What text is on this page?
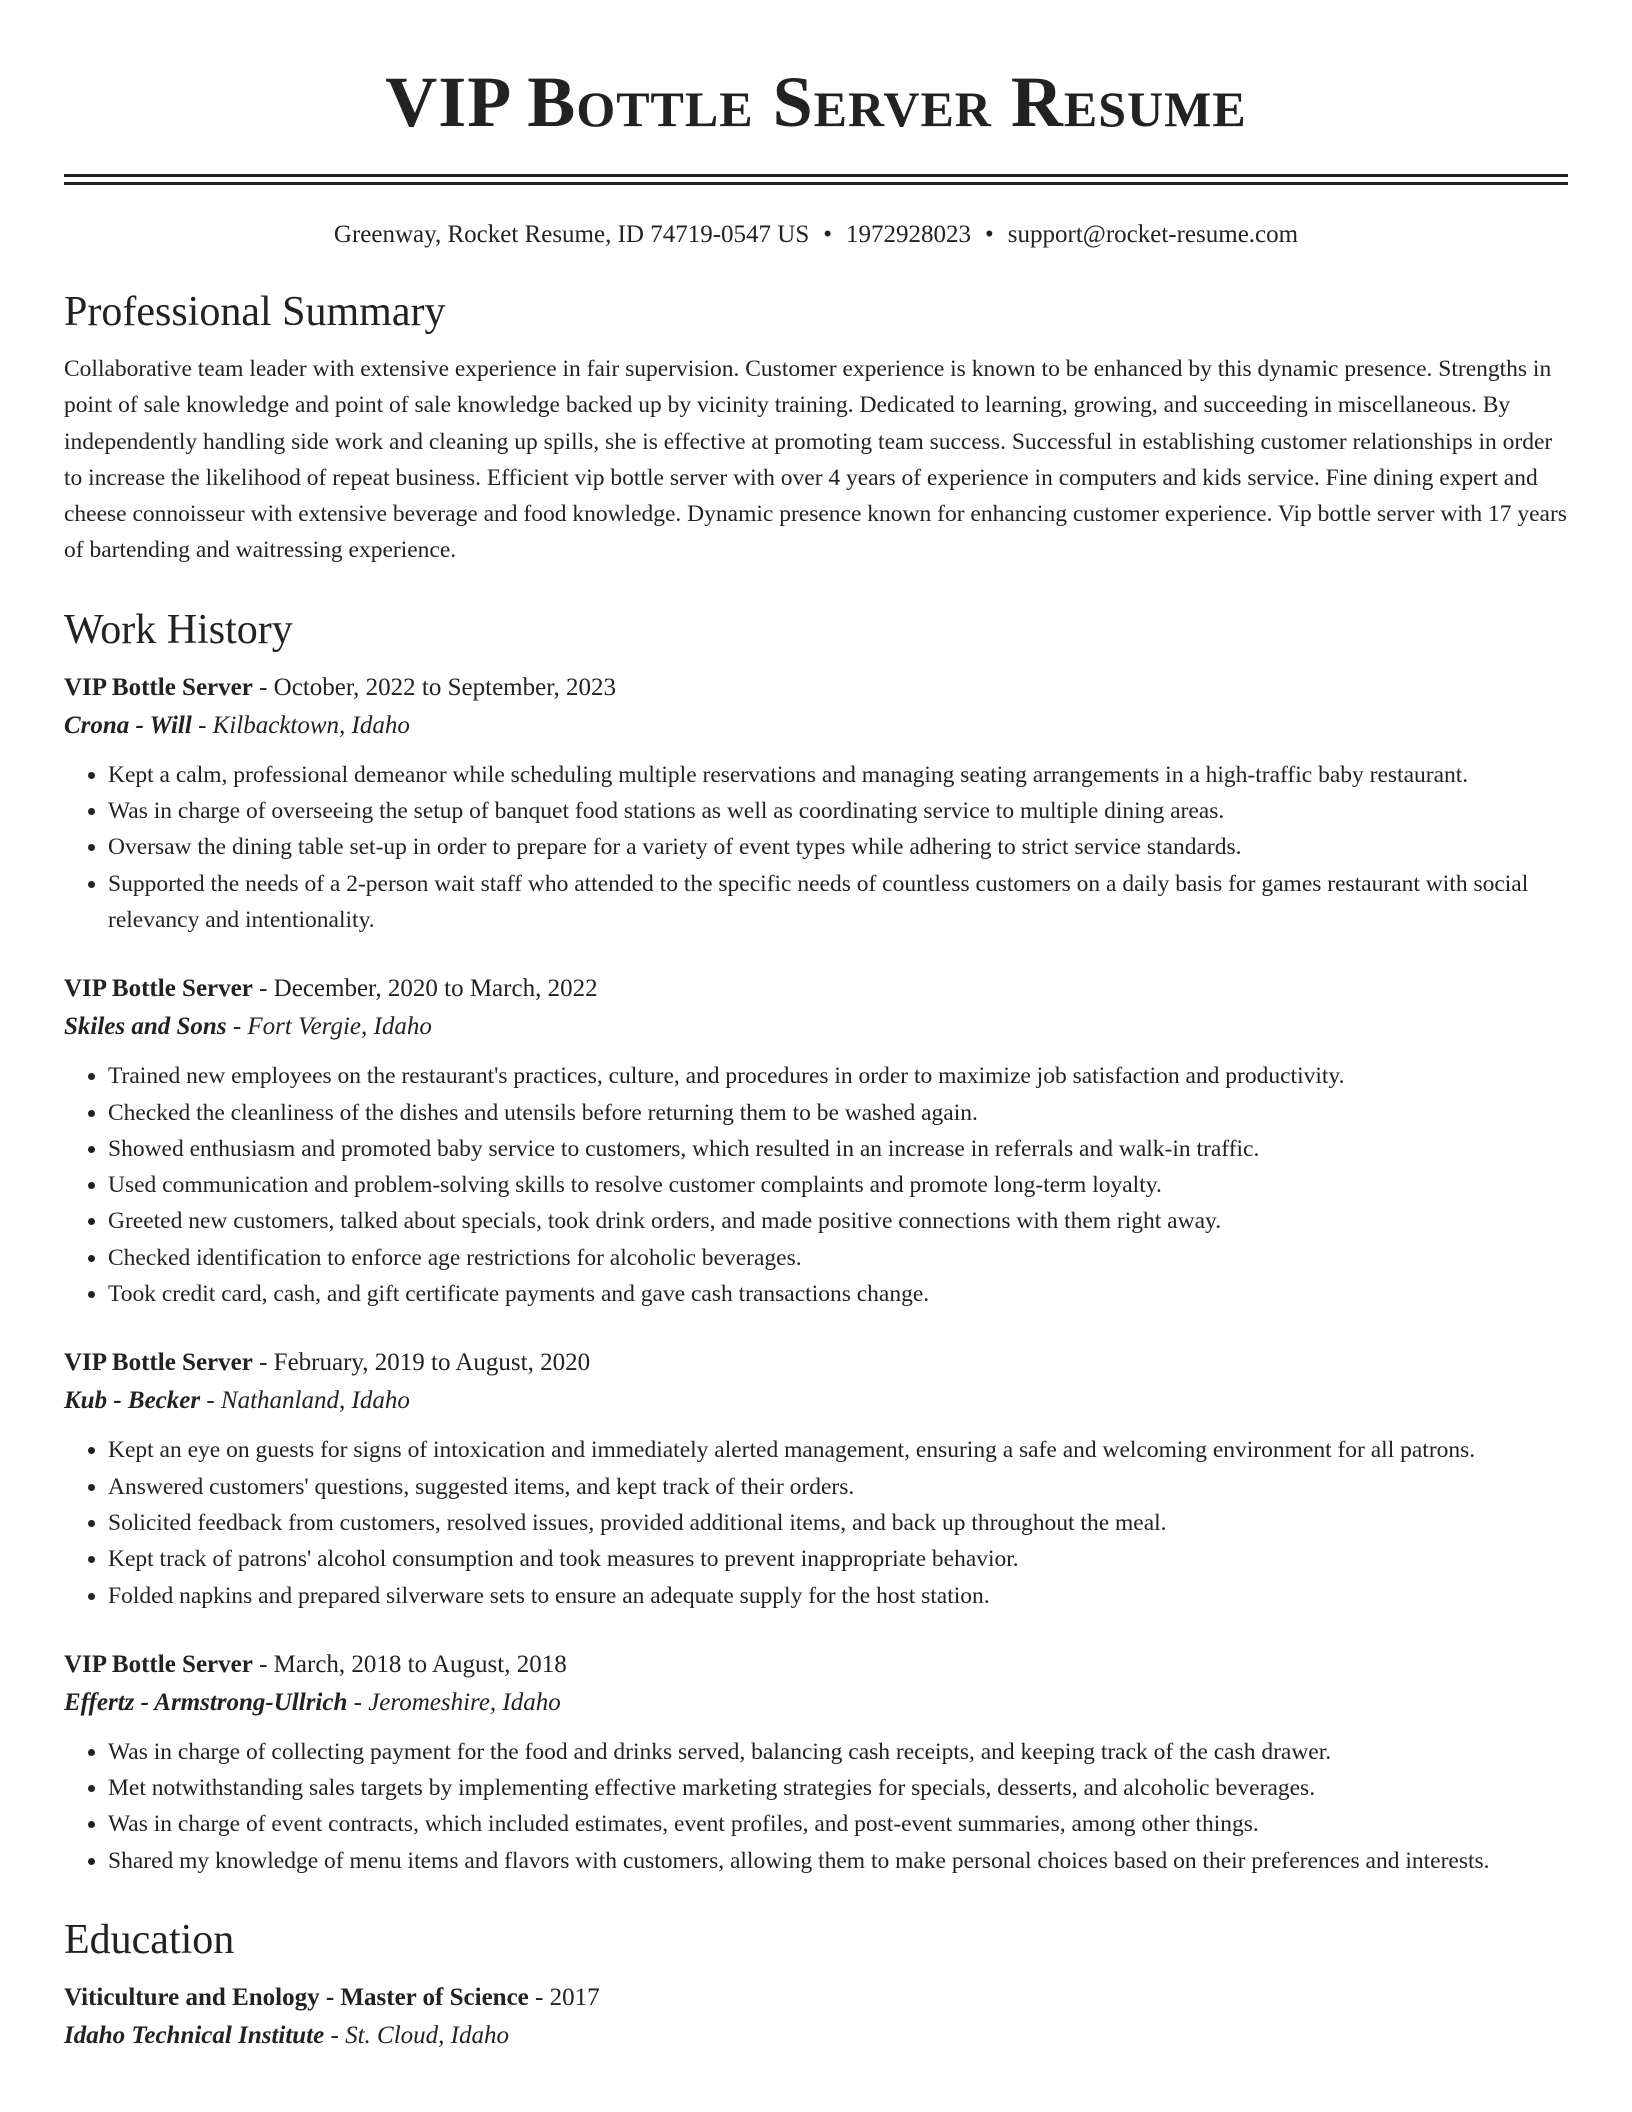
VIP Bottle Server Resume
Greenway, Rocket Resume, ID 74719-0547 US • 1972928023 • support@rocket-resume.com
Professional Summary

Collaborative team leader with extensive experience in fair supervision. Customer experience is known to be enhanced by this dynamic presence. Strengths in point of sale knowledge and point of sale knowledge backed up by vicinity training. Dedicated to learning, growing, and succeeding in miscellaneous. By independently handling side work and cleaning up spills, she is effective at promoting team success. Successful in establishing customer relationships in order to increase the likelihood of repeat business. Efficient vip bottle server with over 4 years of experience in computers and kids service. Fine dining expert and cheese connoisseur with extensive beverage and food knowledge. Dynamic presence known for enhancing customer experience. Vip bottle server with 17 years of bartending and waitressing experience.

Work History
VIP Bottle Server - October, 2022 to September, 2023
Crona - Will - Kilbacktown, Idaho
• Kept a calm, professional demeanor while scheduling multiple reservations and managing seating arrangements in a high-traffic baby restaurant.
• Was in charge of overseeing the setup of banquet food stations as well as coordinating service to multiple dining areas.
• Oversaw the dining table set-up in order to prepare for a variety of event types while adhering to strict service standards.
• Supported the needs of a 2-person wait staff who attended to the specific needs of countless customers on a daily basis for games restaurant with social relevancy and intentionality.
VIP Bottle Server - December, 2020 to March, 2022
Skiles and Sons - Fort Vergie, Idaho
• Trained new employees on the restaurant's practices, culture, and procedures in order to maximize job satisfaction and productivity.
• Checked the cleanliness of the dishes and utensils before returning them to be washed again.
• Showed enthusiasm and promoted baby service to customers, which resulted in an increase in referrals and walk-in traffic.
• Used communication and problem-solving skills to resolve customer complaints and promote long-term loyalty.
• Greeted new customers, talked about specials, took drink orders, and made positive connections with them right away.
• Checked identification to enforce age restrictions for alcoholic beverages.
• Took credit card, cash, and gift certificate payments and gave cash transactions change.
VIP Bottle Server - February, 2019 to August, 2020
Kub - Becker - Nathanland, Idaho
• Kept an eye on guests for signs of intoxication and immediately alerted management, ensuring a safe and welcoming environment for all patrons.
• Answered customers' questions, suggested items, and kept track of their orders.
• Solicited feedback from customers, resolved issues, provided additional items, and back up throughout the meal.
• Kept track of patrons' alcohol consumption and took measures to prevent inappropriate behavior.
• Folded napkins and prepared silverware sets to ensure an adequate supply for the host station.
VIP Bottle Server - March, 2018 to August, 2018
Effertz - Armstrong-Ullrich - Jeromeshire, Idaho
• Was in charge of collecting payment for the food and drinks served, balancing cash receipts, and keeping track of the cash drawer.
• Met notwithstanding sales targets by implementing effective marketing strategies for specials, desserts, and alcoholic beverages.
• Was in charge of event contracts, which included estimates, event profiles, and post-event summaries, among other things.
• Shared my knowledge of menu items and flavors with customers, allowing them to make personal choices based on their preferences and interests.
Education
Viticulture and Enology - Master of Science - 2017
Idaho Technical Institute - St. Cloud, Idaho
